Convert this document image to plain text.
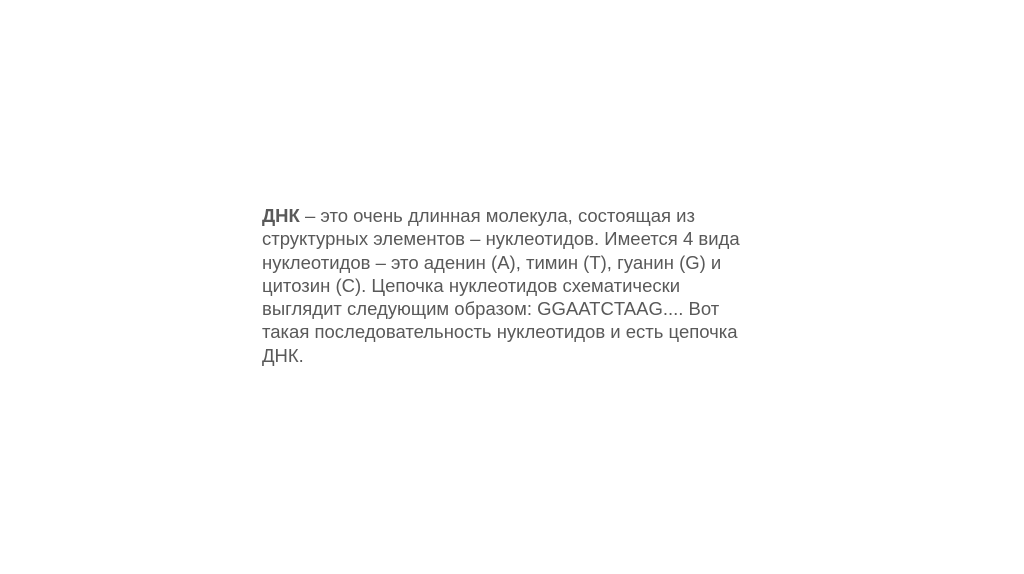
ДНК – это очень длинная молекула, состоящая из
структурных элементов – нуклеотидов. Имеется 4 вида
нуклеотидов – это аденин (A), тимин (T), гуанин (G) и
цитозин (C). Цепочка нуклеотидов схематически
выглядит следующим образом: GGAATCTAAG.... Вот
такая последовательность нуклеотидов и есть цепочка
ДНК.
